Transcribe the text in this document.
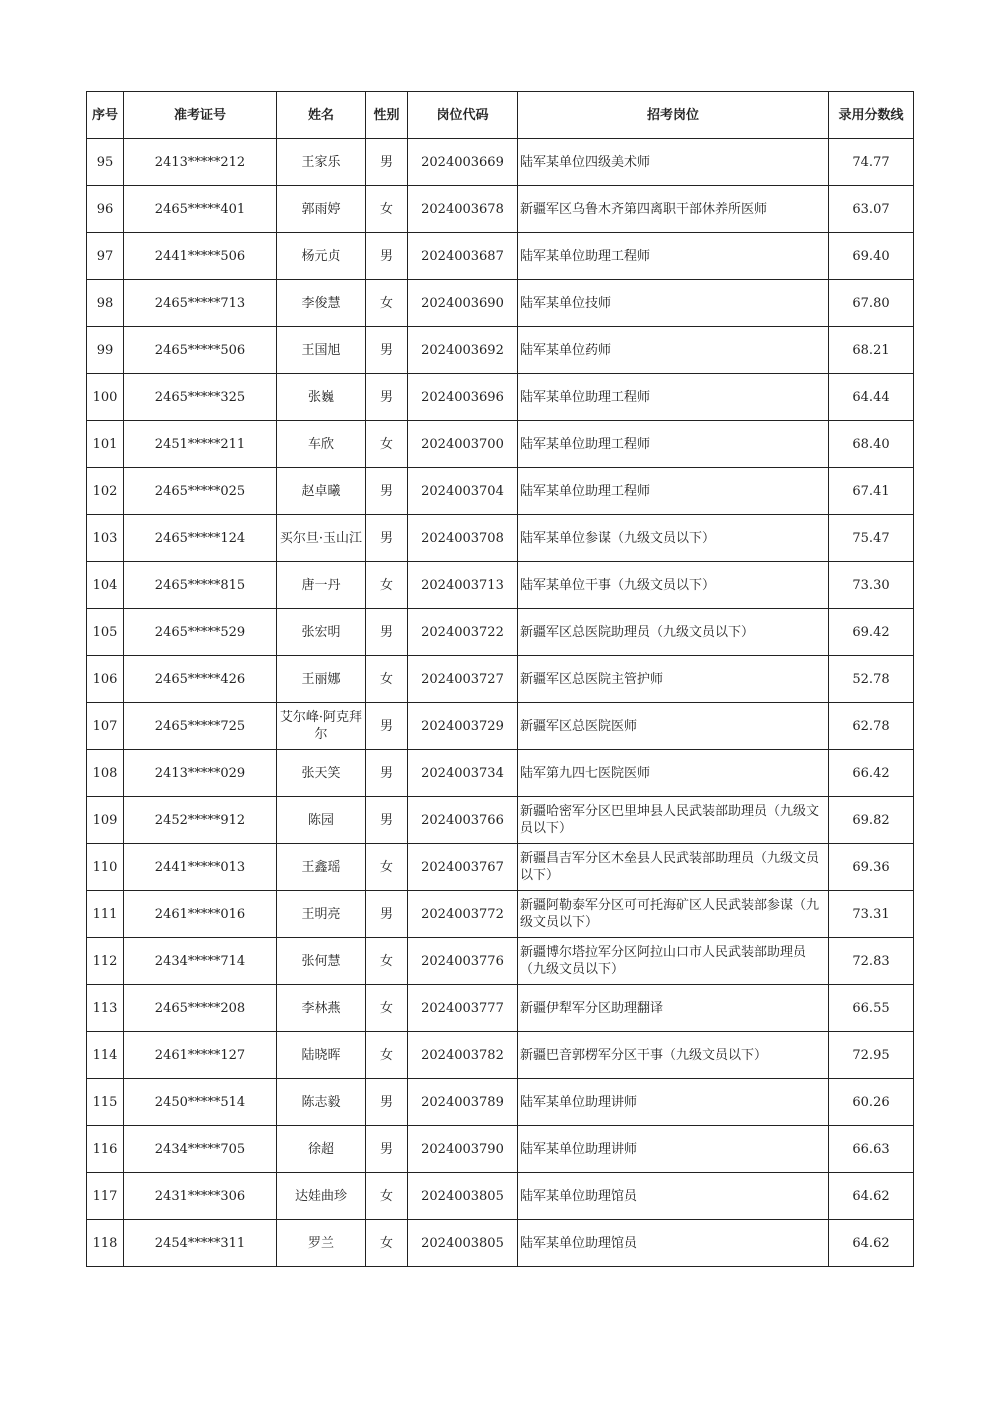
序号	准考证号	姓名	性别	岗位代码	招考岗位	录用分数线
95	2413*****212	王家乐	男	2024003669	陆军某单位四级美术师	74.77
96	2465*****401	郭雨婷	女	2024003678	新疆军区乌鲁木齐第四离职干部休养所医师	63.07
97	2441*****506	杨元贞	男	2024003687	陆军某单位助理工程师	69.40
98	2465*****713	李俊慧	女	2024003690	陆军某单位技师	67.80
99	2465*****506	王国旭	男	2024003692	陆军某单位药师	68.21
100	2465*****325	张巍	男	2024003696	陆军某单位助理工程师	64.44
101	2451*****211	车欣	女	2024003700	陆军某单位助理工程师	68.40
102	2465*****025	赵卓曦	男	2024003704	陆军某单位助理工程师	67.41
103	2465*****124	买尔旦·玉山江	男	2024003708	陆军某单位参谋（九级文员以下）	75.47
104	2465*****815	唐一丹	女	2024003713	陆军某单位干事（九级文员以下）	73.30
105	2465*****529	张宏明	男	2024003722	新疆军区总医院助理员（九级文员以下）	69.42
106	2465*****426	王丽娜	女	2024003727	新疆军区总医院主管护师	52.78
107	2465*****725	艾尔峰·阿克拜尔	男	2024003729	新疆军区总医院医师	62.78
108	2413*****029	张天笑	男	2024003734	陆军第九四七医院医师	66.42
109	2452*****912	陈园	男	2024003766	新疆哈密军分区巴里坤县人民武装部助理员（九级文员以下）	69.82
110	2441*****013	王鑫瑶	女	2024003767	新疆昌吉军分区木垒县人民武装部助理员（九级文员以下）	69.36
111	2461*****016	王明亮	男	2024003772	新疆阿勒泰军分区可可托海矿区人民武装部参谋（九级文员以下）	73.31
112	2434*****714	张何慧	女	2024003776	新疆博尔塔拉军分区阿拉山口市人民武装部助理员（九级文员以下）	72.83
113	2465*****208	李林燕	女	2024003777	新疆伊犁军分区助理翻译	66.55
114	2461*****127	陆晓晖	女	2024003782	新疆巴音郭楞军分区干事（九级文员以下）	72.95
115	2450*****514	陈志毅	男	2024003789	陆军某单位助理讲师	60.26
116	2434*****705	徐超	男	2024003790	陆军某单位助理讲师	66.63
117	2431*****306	达娃曲珍	女	2024003805	陆军某单位助理馆员	64.62
118	2454*****311	罗兰	女	2024003805	陆军某单位助理馆员	64.62
